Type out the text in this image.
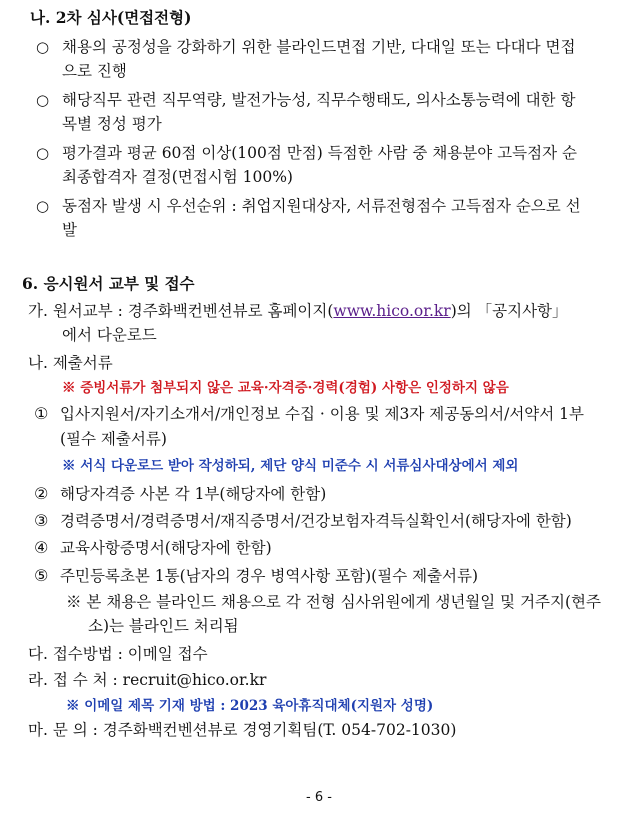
나. 2차 심사(면접전형)
○ 채용의 공정성을 강화하기 위한 블라인드면접 기반, 다대일 또는 다대다 면접
으로 진행
○ 해당직무 관련 직무역량, 발전가능성, 직무수행태도, 의사소통능력에 대한 항
목별 정성 평가
○ 평가결과 평균 60점 이상(100점 만점) 득점한 사람 중 채용분야 고득점자 순
최종합격자 결정(면접시험 100%)
○ 동점자 발생 시 우선순위 : 취업지원대상자, 서류전형점수 고득점자 순으로 선
발
6. 응시원서 교부 및 접수
가. 원서교부 : 경주화백컨벤션뷰로 홈페이지(www.hico.or.kr)의 「공지사항」
에서 다운로드
나. 제출서류
※ 증빙서류가 첨부되지 않은 교육·자격증·경력(경험) 사항은 인정하지 않음
① 입사지원서/자기소개서/개인정보 수집 · 이용 및 제3자 제공동의서/서약서 1부
(필수 제출서류)
※ 서식 다운로드 받아 작성하되, 제단 양식 미준수 시 서류심사대상에서 제외
② 해당자격증 사본 각 1부(해당자에 한함)
③ 경력증명서/경력증명서/재직증명서/건강보험자격득실확인서(해당자에 한함)
④ 교육사항증명서(해당자에 한함)
⑤ 주민등록초본 1통(남자의 경우 병역사항 포함)(필수 제출서류)
※ 본 채용은 블라인드 채용으로 각 전형 심사위원에게 생년월일 및 거주지(현주
소)는 블라인드 처리됨
다. 접수방법 : 이메일 접수
라. 접 수 처 : recruit@hico.or.kr
※ 이메일 제목 기재 방법 : 2023 육아휴직대체(지원자 성명)
마. 문 의 : 경주화백컨벤션뷰로 경영기획팀(T. 054-702-1030)
- 6 -
